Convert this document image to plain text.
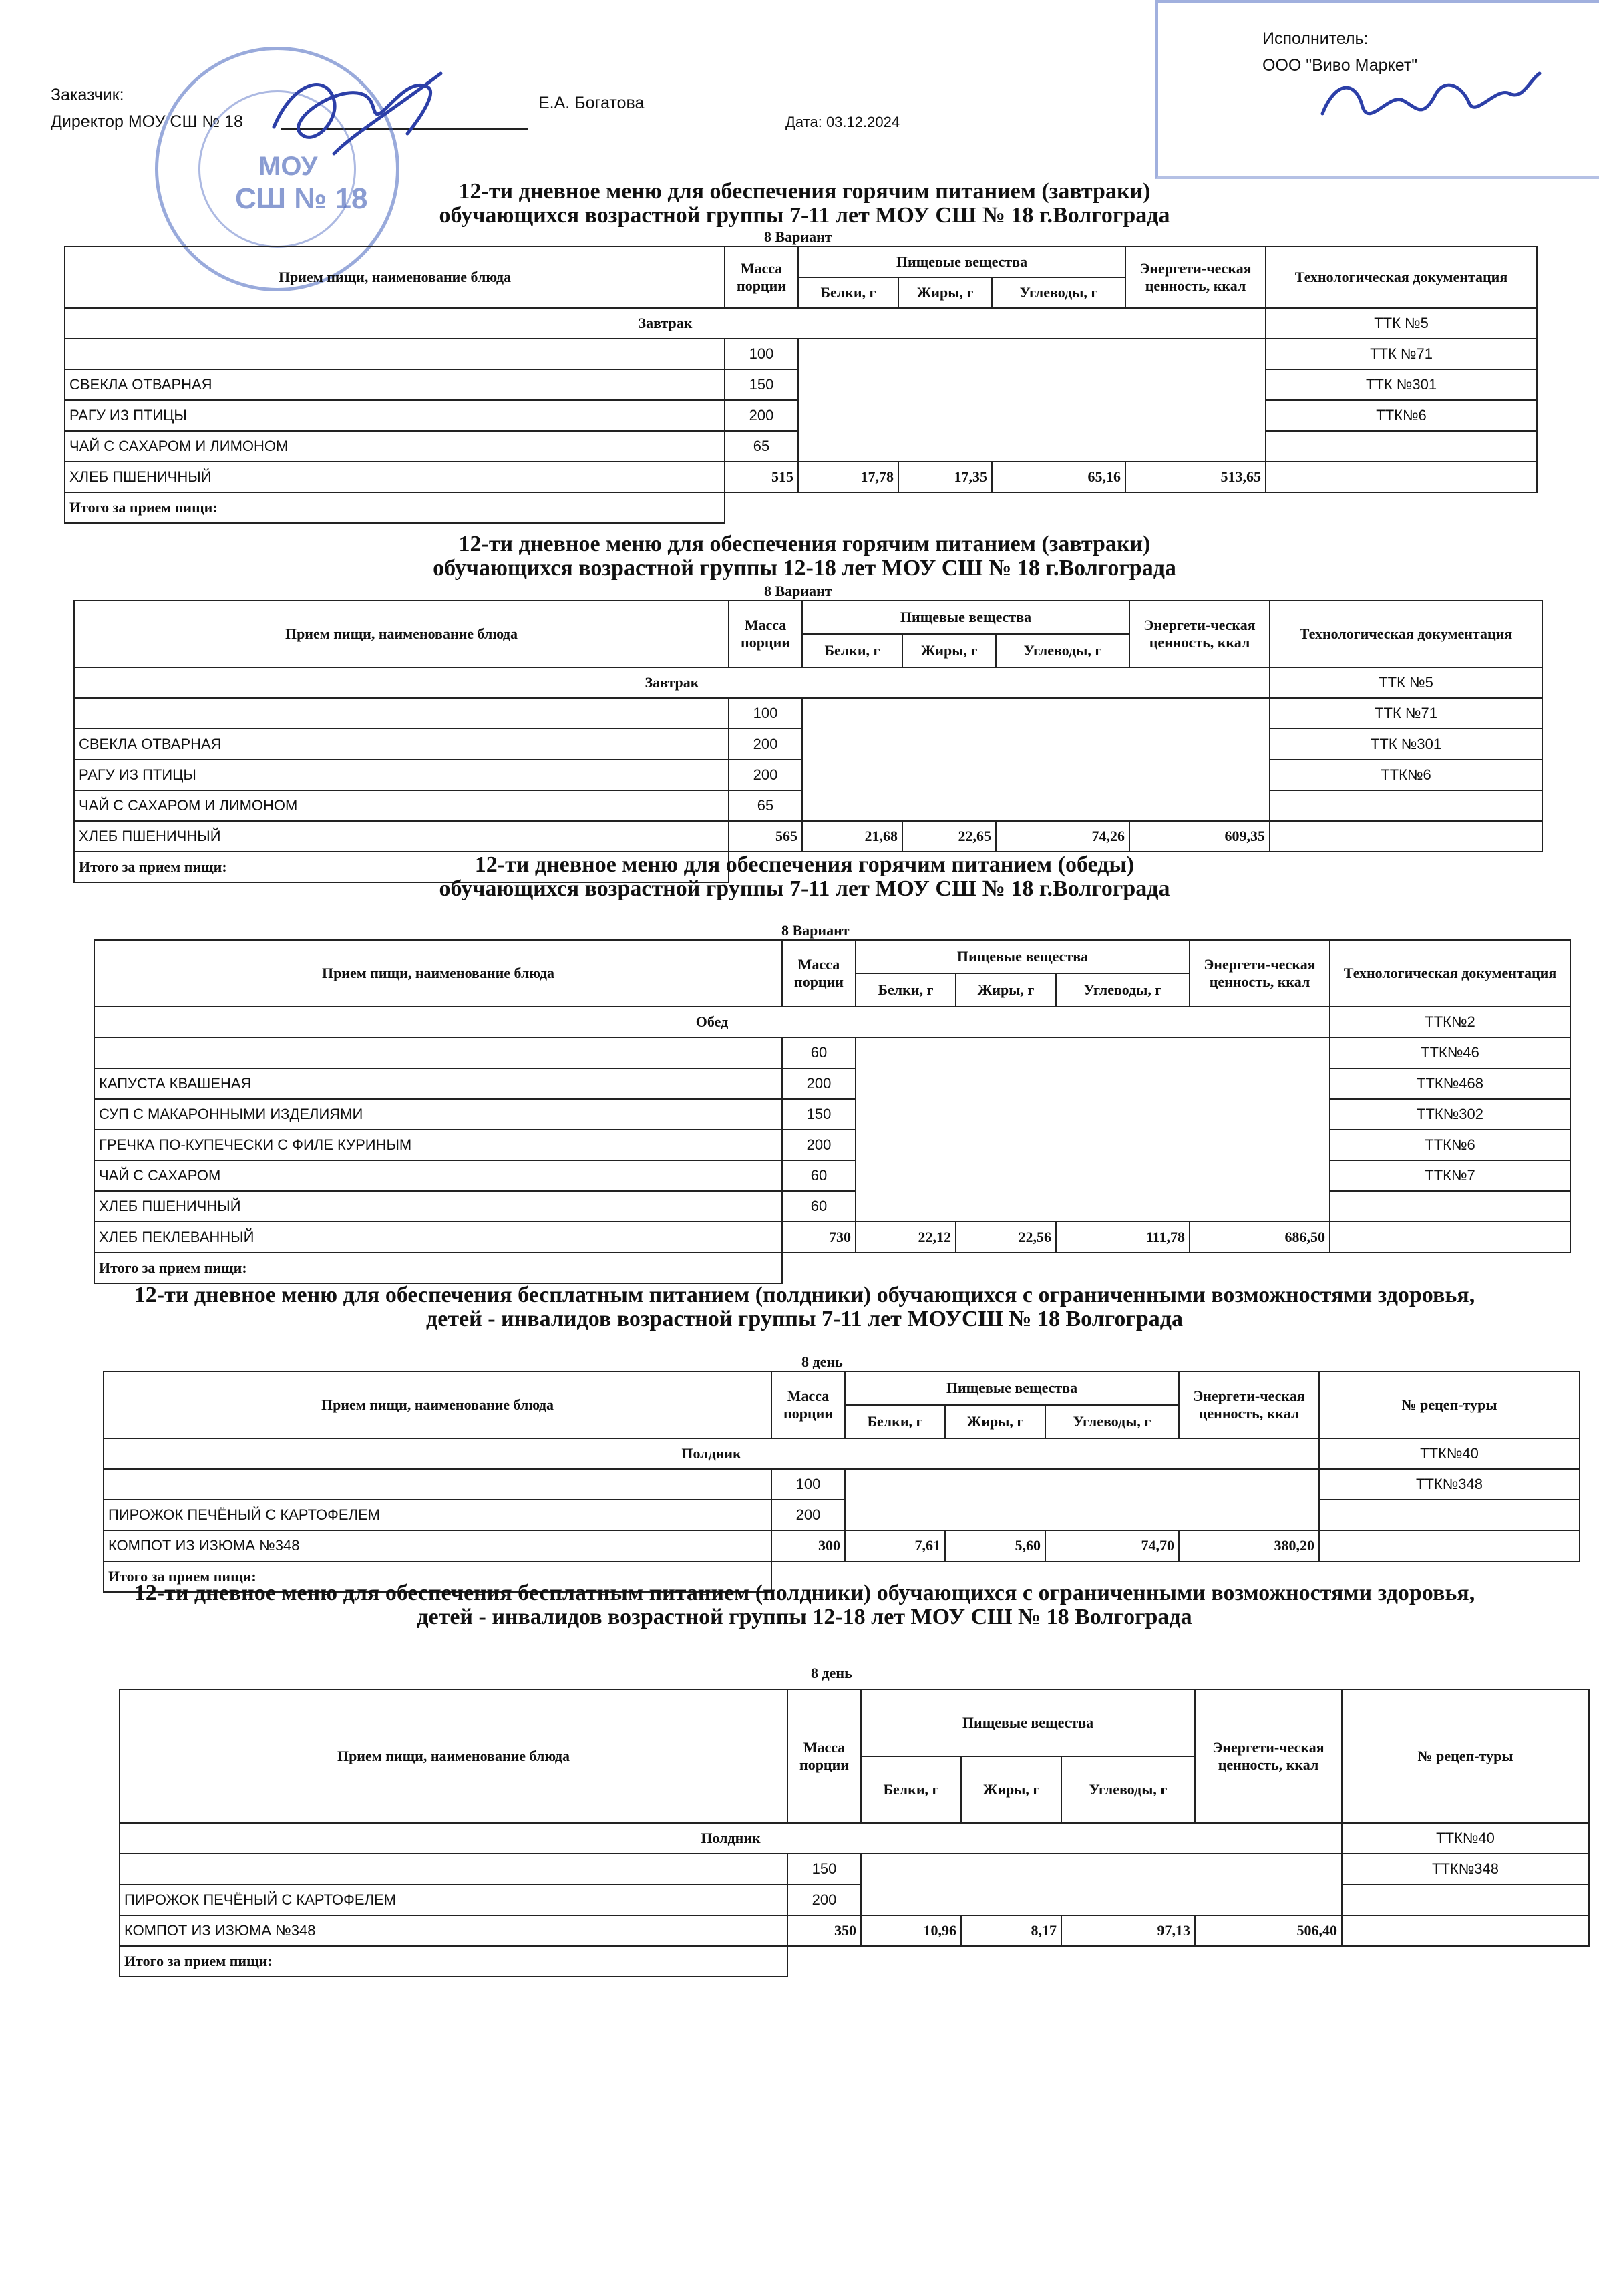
Заказчик:
Директор МОУ СШ № 18
Е.А. Богатова
Дата: 03.12.2024
Исполнитель:
ООО "Виво Маркет"
МОУ
СШ № 18	12-ти дневное меню для обеспечения горячим питанием (завтраки)
обучающихся возрастной группы 7-11 лет МОУ СШ № 18 г.Волгограда
8 Вариант
Прием пищи, наименование блюда	Масса порции	Пищевые вещества			Энергети-ческая ценность, ккал	Технологическая документация
		Белки, г	Жиры, г	Углеводы, г		
Завтрак						ТТК №5
	100					ТТК №71
СВЕКЛА ОТВАРНАЯ	150					ТТК №301
РАГУ ИЗ ПТИЦЫ	200					ТТК№6
ЧАЙ С САХАРОМ И ЛИМОНОМ	65					
ХЛЕБ ПШЕНИЧНЫЙ	515	17,78	17,35	65,16	513,65	
Итого за прием пищи:						
12-ти дневное меню для обеспечения горячим питанием (завтраки)
обучающихся возрастной группы 12-18 лет МОУ СШ № 18 г.Волгограда
8 Вариант
Прием пищи, наименование блюда	Масса порции	Пищевые вещества			Энергети-ческая ценность, ккал	Технологическая документация
		Белки, г	Жиры, г	Углеводы, г		
Завтрак						ТТК №5
	100					ТТК №71
СВЕКЛА ОТВАРНАЯ	200					ТТК №301
РАГУ ИЗ ПТИЦЫ	200					ТТК№6
ЧАЙ С САХАРОМ И ЛИМОНОМ	65					
ХЛЕБ ПШЕНИЧНЫЙ	565	21,68	22,65	74,26	609,35	
Итого за прием пищи:							12-ти дневное меню для обеспечения горячим питанием (обеды)
обучающихся возрастной группы 7-11 лет МОУ СШ № 18 г.Волгограда
8 Вариант
Прием пищи, наименование блюда	Масса порции	Пищевые вещества			Энергети-ческая ценность, ккал	Технологическая документация
		Белки, г	Жиры, г	Углеводы, г		
Обед						ТТК№2
	60					ТТК№46
КАПУСТА КВАШЕНАЯ	200					ТТК№468
СУП С МАКАРОННЫМИ ИЗДЕЛИЯМИ	150					ТТК№302
ГРЕЧКА ПО-КУПЕЧЕСКИ С ФИЛЕ КУРИНЫМ	200					ТТК№6
ЧАЙ С САХАРОМ	60					ТТК№7
ХЛЕБ ПШЕНИЧНЫЙ	60					
ХЛЕБ ПЕКЛЕВАННЫЙ	730	22,12	22,56	111,78	686,50	
Итого за прием пищи:						
12-ти дневное меню для обеспечения бесплатным питанием (полдники) обучающихся с ограниченными возможностями здоровья,
детей - инвалидов возрастной группы 7-11 лет МОУСШ № 18 Волгограда
8 день
Прием пищи, наименование блюда	Масса порции	Пищевые вещества			Энергети-ческая ценность, ккал	№ рецеп-туры
		Белки, г	Жиры, г	Углеводы, г		
Полдник						ТТК№40
	100					ТТК№348
ПИРОЖОК ПЕЧЁНЫЙ С КАРТОФЕЛЕМ	200					
КОМПОТ ИЗ ИЗЮМА №348	300	7,61	5,60	74,70	380,20	
Итого за прием пищи:						
12-ти дневное меню для обеспечения бесплатным питанием (полдники) обучающихся с ограниченными возможностями здоровья,
детей - инвалидов возрастной группы 12-18 лет МОУ СШ № 18 Волгограда
8 день
Прием пищи, наименование блюда	Масса порции	Пищевые вещества			Энергети-ческая ценность, ккал	№ рецеп-туры
		Белки, г	Жиры, г	Углеводы, г		
Полдник						ТТК№40
	150					ТТК№348
ПИРОЖОК ПЕЧЁНЫЙ С КАРТОФЕЛЕМ	200					
КОМПОТ ИЗ ИЗЮМА №348	350	10,96	8,17	97,13	506,40	
Итого за прием пищи:						
